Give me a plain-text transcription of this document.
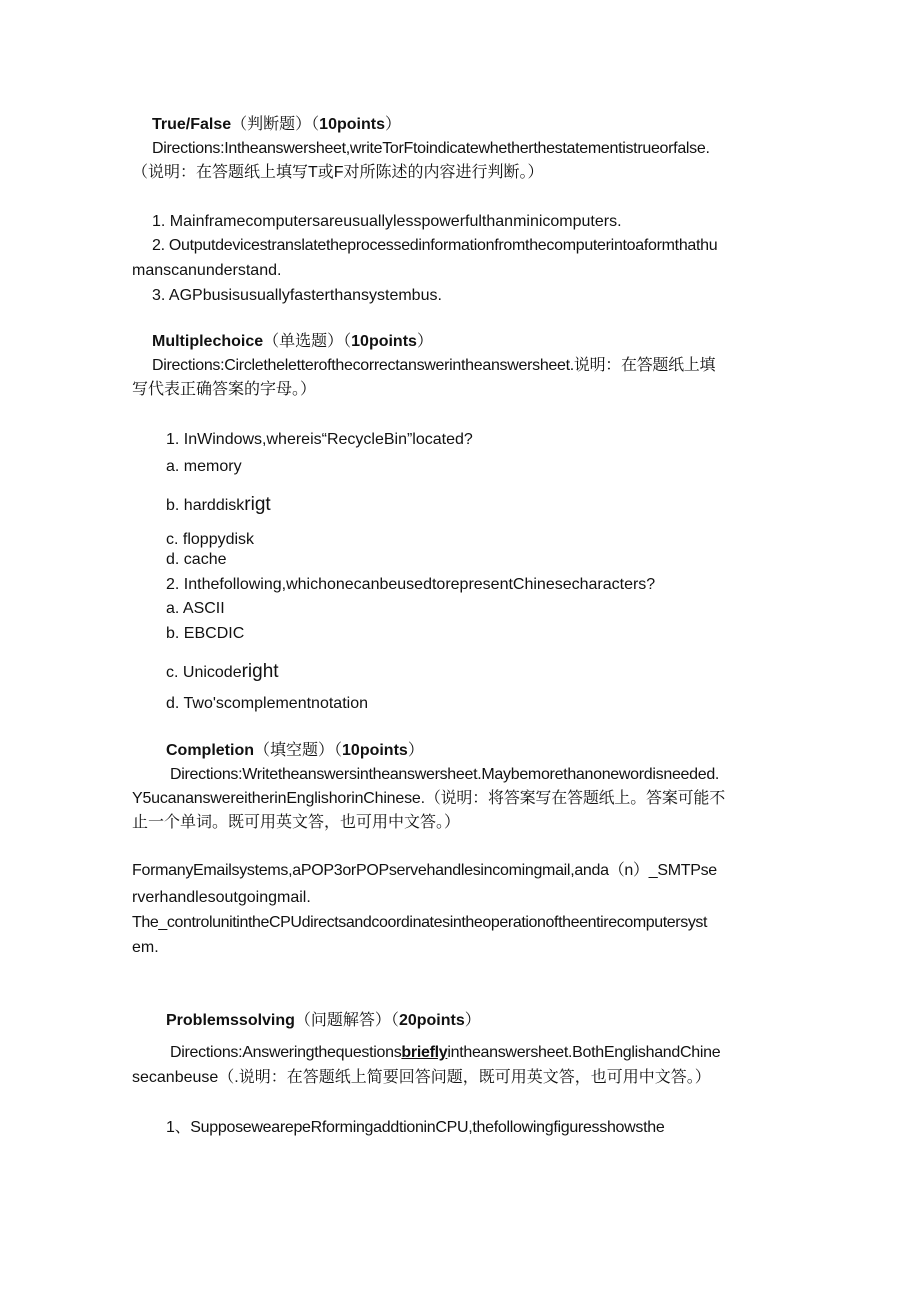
True/False（判断题）（10points）
Directions:Intheanswersheet,writeTorFtoindicatewhetherthestatementistrueorfalse.
（说明：在答题纸上填写T或F对所陈述的内容进行判断。）
1. Mainframecomputersareusuallylesspowerfulthanminicomputers.
2. Outputdevicestranslatetheprocessedinformationfromthecomputerintoaformthathu
manscanunderstand.
3. AGPbusisusuallyfasterthansystembus.
Multiplechoice（单选题）（10points）
Directions:Circletheletterofthecorrectanswerintheanswersheet.说明：在答题纸上填
写代表正确答案的字母。）
1. InWindows,whereis“RecycleBin”located?
a. memory
b. harddiskrigt
c. floppydisk
d. cache
2. Inthefollowing,whichonecanbeusedtorepresentChinesecharacters?
a. ASCII
b. EBCDIC
c. Unicoderight
d. Two'scomplementnotation
Completion（填空题）（10points）
Directions:Writetheanswersintheanswersheet.Maybemorethanonewordisneeded.
Y5ucananswereitherinEnglishorinChinese.（说明：将答案写在答题纸上。答案可能不
止一个单词。既可用英文答，也可用中文答。）
FormanyEmailsystems,aPOP3orPOPservehandlesincomingmail,anda（n）_SMTPse
rverhandlesoutgoingmail.
The_controlunitintheCPUdirectsandcoordinatesintheoperationoftheentirecomputersyst
em.
Problemssolving（问题解答）（20points）
Directions:Answeringthequestionsbrieflyintheanswersheet.BothEnglishandChine
secanbeuse（.说明：在答题纸上简要回答问题，既可用英文答，也可用中文答。）
1、SupposewearepeRformingaddtioninCPU,thefollowingfiguresshowsthe
